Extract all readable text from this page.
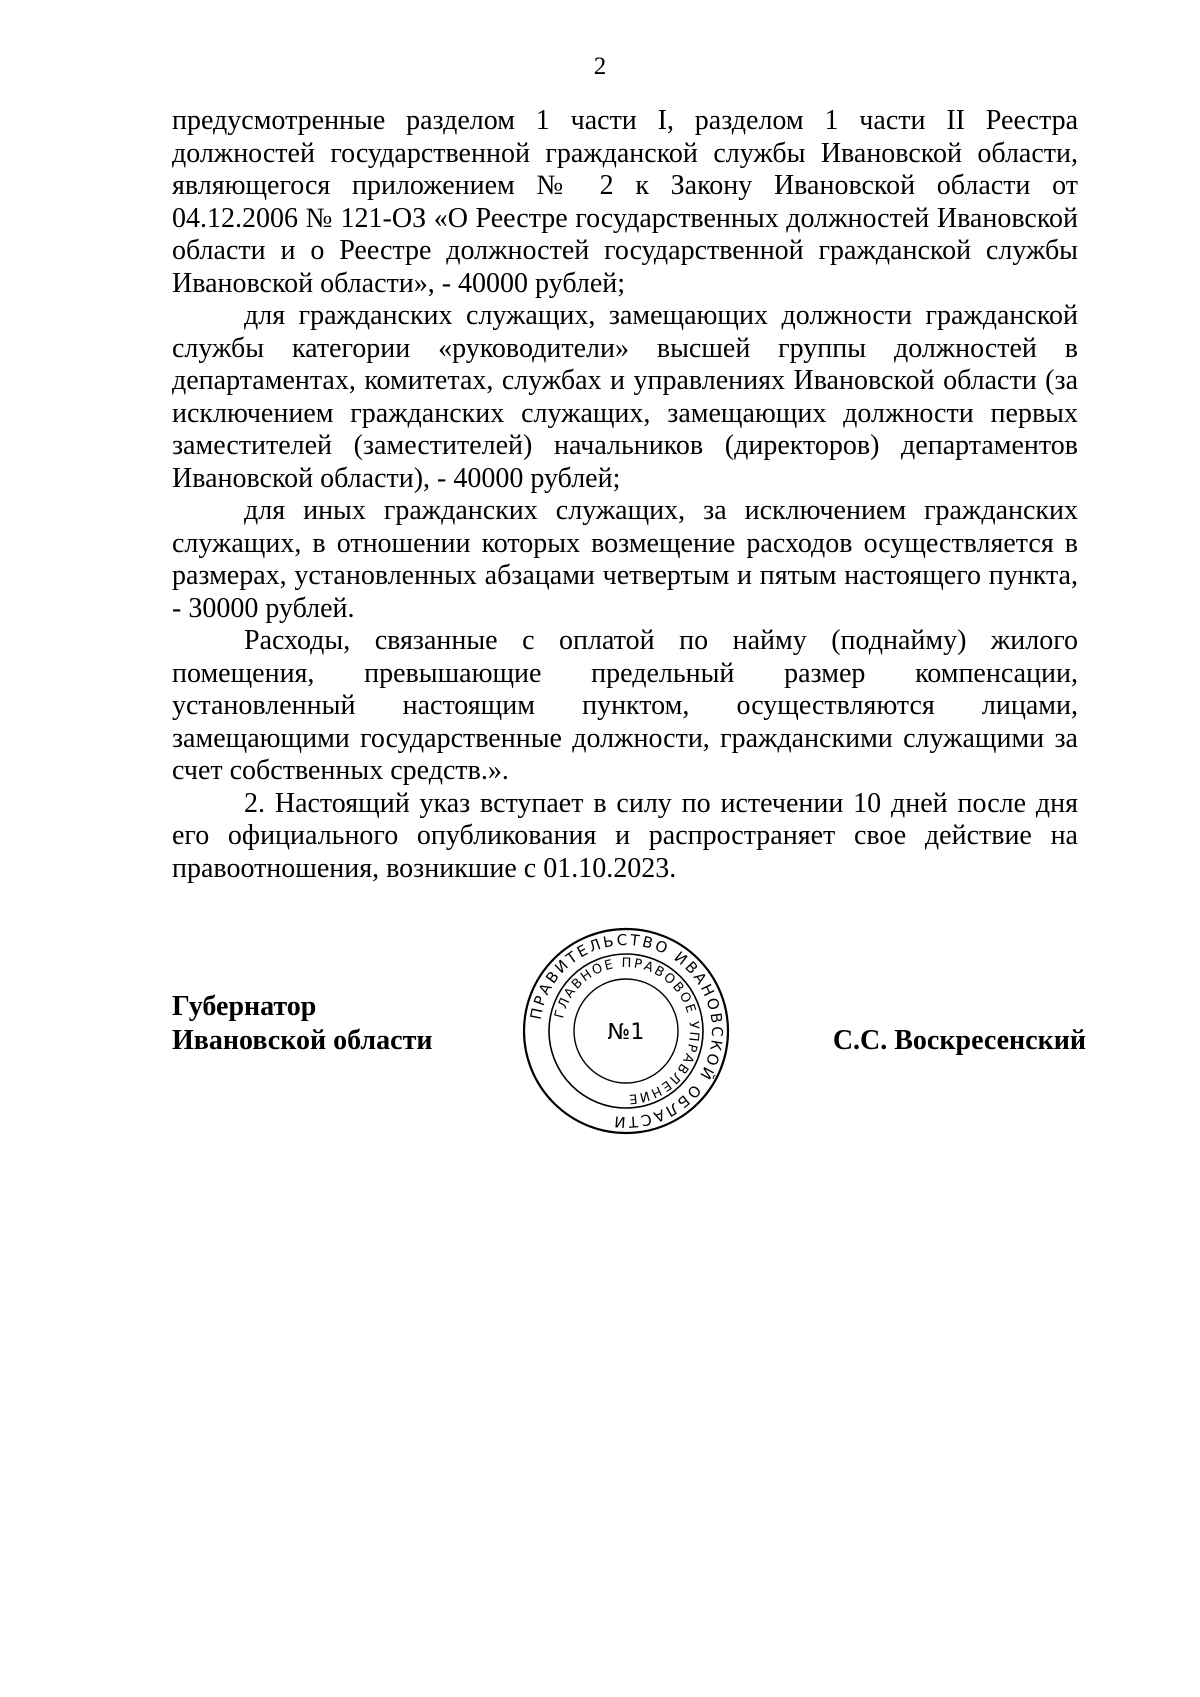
2

предусмотренные разделом 1 части I, разделом 1 части II Реестра должностей государственной гражданской службы Ивановской области, являющегося приложением № 2 к Закону Ивановской области от 04.12.2006 № 121-ОЗ «О Реестре государственных должностей Ивановской области и о Реестре должностей государственной гражданской службы Ивановской области», - 40000 рублей;

для гражданских служащих, замещающих должности гражданской службы категории «руководители» высшей группы должностей в департаментах, комитетах, службах и управлениях Ивановской области (за исключением гражданских служащих, замещающих должности первых заместителей (заместителей) начальников (директоров) департаментов Ивановской области), - 40000 рублей;

для иных гражданских служащих, за исключением гражданских служащих, в отношении которых возмещение расходов осуществляется в размерах, установленных абзацами четвертым и пятым настоящего пункта, - 30000 рублей.

Расходы, связанные с оплатой по найму (поднайму) жилого помещения, превышающие предельный размер компенсации, установленный настоящим пунктом, осуществляются лицами, замещающими государственные должности, гражданскими служащими за счет собственных средств.».

2. Настоящий указ вступает в силу по истечении 10 дней после дня его официального опубликования и распространяет свое действие на правоотношения, возникшие с 01.10.2023.

Губернатор
Ивановской области	С.С. Воскресенский
ПРАВИТЕЛЬСТВО ИВАНОВСКОЙ ОБЛАСТИ
ГЛАВНОЕ ПРАВОВОЕ УПРАВЛЕНИЕ
№1
